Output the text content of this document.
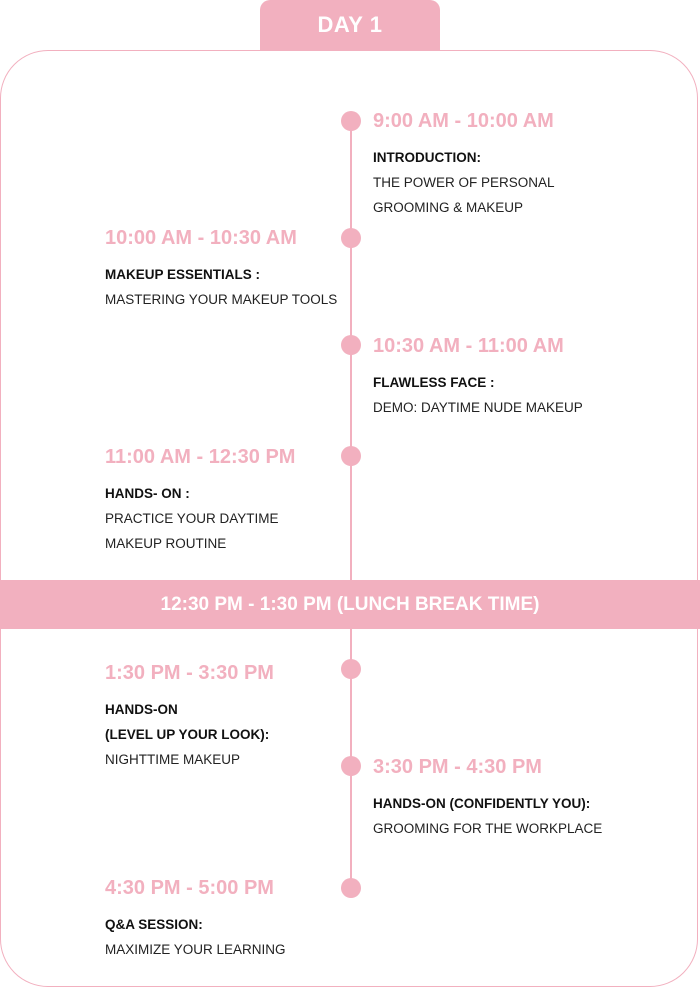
DAY 1
9:00 AM - 10:00 AM
INTRODUCTION:
THE POWER OF PERSONAL
GROOMING & MAKEUP
10:00 AM - 10:30 AM
MAKEUP ESSENTIALS :
MASTERING YOUR MAKEUP TOOLS
10:30 AM - 11:00 AM
FLAWLESS FACE :
DEMO: DAYTIME NUDE MAKEUP
11:00 AM - 12:30 PM
HANDS- ON :
PRACTICE YOUR DAYTIME
MAKEUP ROUTINE
12:30 PM - 1:30 PM (LUNCH BREAK TIME)
1:30 PM - 3:30 PM
HANDS-ON
(LEVEL UP YOUR LOOK):
NIGHTTIME MAKEUP	3:30 PM - 4:30 PM
HANDS-ON (CONFIDENTLY YOU):
GROOMING FOR THE WORKPLACE
4:30 PM - 5:00 PM
Q&A SESSION:
MAXIMIZE YOUR LEARNING
